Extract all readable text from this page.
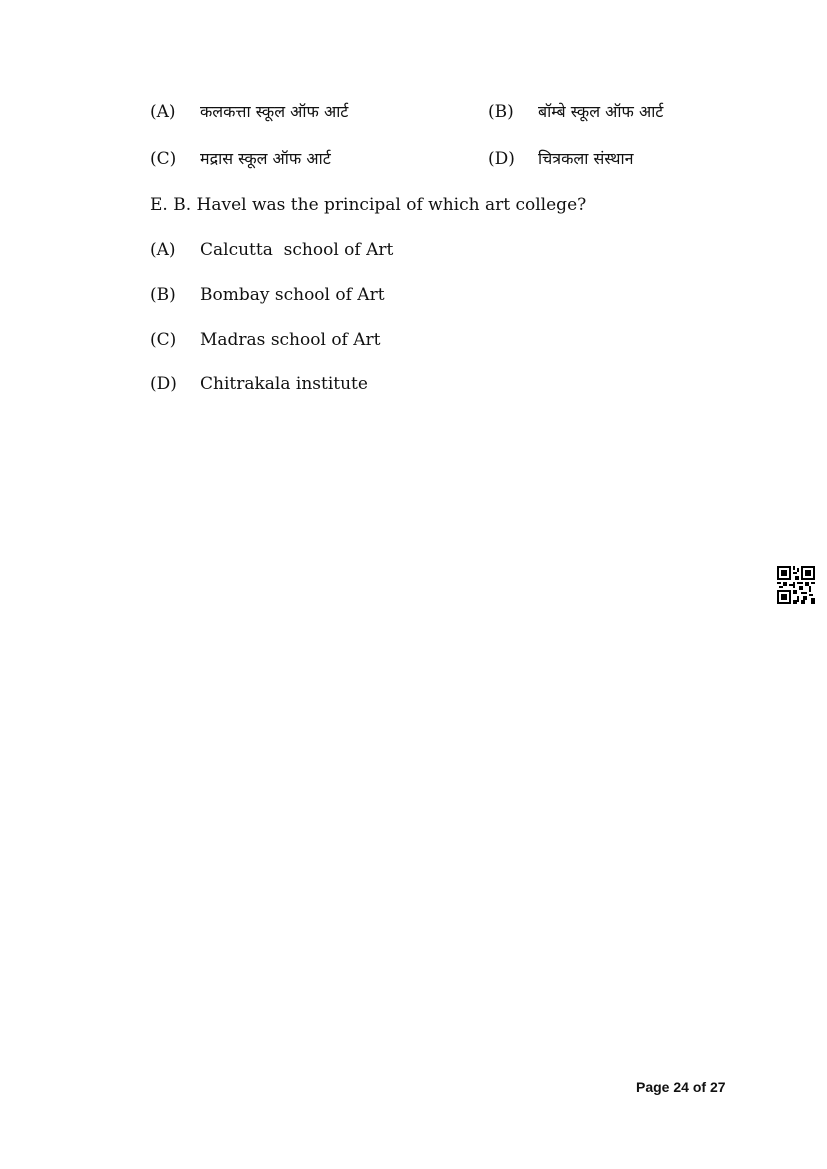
(A) कलकत्ता स्कूल ऑफ आर्ट	(B) बॉम्बे स्कूल ऑफ आर्ट
(C) मद्रास स्कूल ऑफ आर्ट	(D) चित्रकला संस्थान
E. B. Havel was the principal of which art college?
(A) Calcutta  school of Art
(B) Bombay school of Art
(C) Madras school of Art
(D) Chitrakala institute
Page 24 of 27
